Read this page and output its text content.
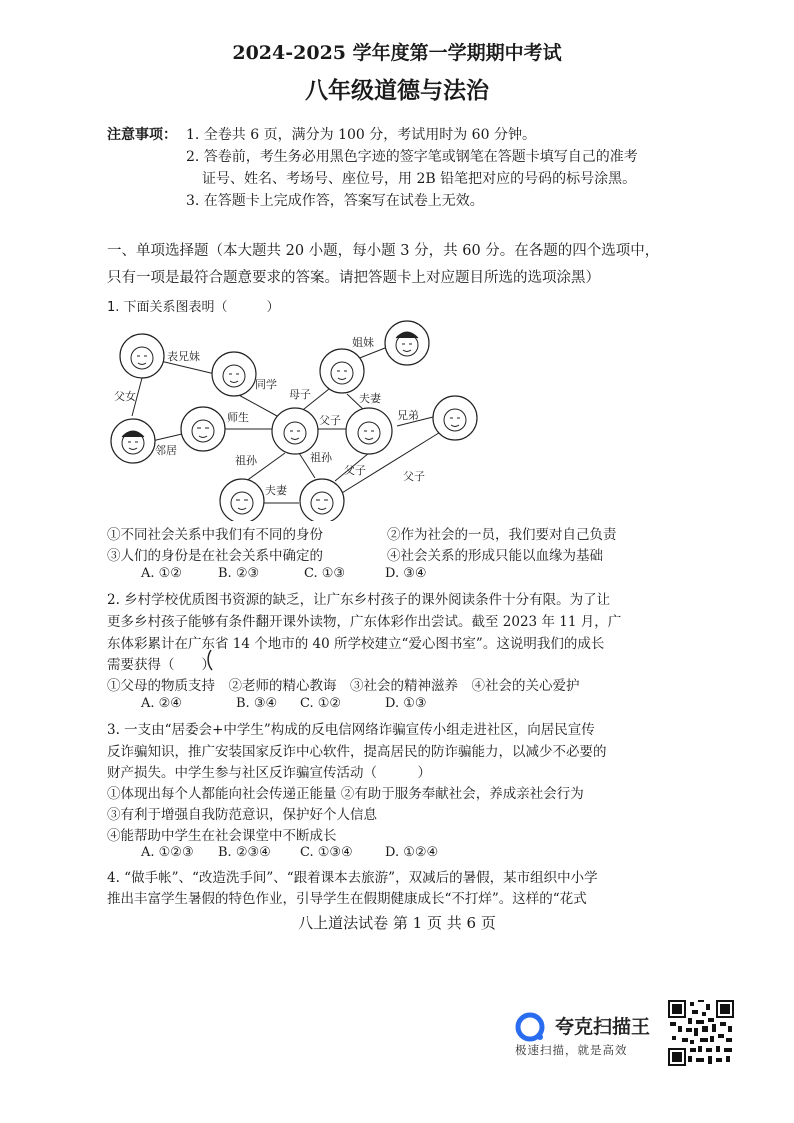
2024-2025 学年度第一学期期中考试
八年级道德与法治
注意事项： 1. 全卷共 6 页，满分为 100 分，考试用时为 60 分钟。
2. 答卷前，考生务必用黑色字迹的签字笔或钢笔在答题卡填写自己的准考
证号、姓名、考场号、座位号，用 2B 铅笔把对应的号码的标号涂黑。
3. 在答题卡上完成作答，答案写在试卷上无效。
一、单项选择题（本大题共 20 小题，每小题 3 分，共 60 分。在各题的四个选项中，
只有一项是最符合题意要求的答案。请把答题卡上对应题目所选的选项涂黑）
1. 下面关系图表明（　　　）
表兄妹
同学
父女
师生
邻居
母子
姐妹
夫妻
父子	兄弟
祖孙	祖孙
父子	父子
夫妻
①不同社会关系中我们有不同的身份	②作为社会的一员，我们要对自己负责
③人们的身份是在社会关系中确定的	④社会关系的形成只能以血缘为基础
A. ①②	B. ②③	C. ①③	D. ③④
2. 乡村学校优质图书资源的缺乏，让广东乡村孩子的课外阅读条件十分有限。为了让
更多乡村孩子能够有条件翻开课外读物，广东体彩作出尝试。截至 2023 年 11 月，广
东体彩累计在广东省 14 个地市的 40 所学校建立“爱心图书室”。这说明我们的成长
需要获得（　　）
①父母的物质支持　②老师的精心教诲　③社会的精神滋养　④社会的关心爱护
A. ②④	B. ③④ C. ①②	D. ①③
3. 一支由“居委会+中学生”构成的反电信网络诈骗宣传小组走进社区，向居民宣传
反诈骗知识，推广安装国家反诈中心软件，提高居民的防诈骗能力，以减少不必要的
财产损失。中学生参与社区反诈骗宣传活动（　　　）
①体现出每个人都能向社会传递正能量 ②有助于服务奉献社会，养成亲社会行为
③有利于增强自我防范意识，保护好个人信息
④能帮助中学生在社会课堂中不断成长
A. ①②③ B. ②③④ C. ①③④ D. ①②④
4. “做手帐”、“改造洗手间”、“跟着课本去旅游”，双减后的暑假，某市组织中小学
推出丰富学生暑假的特色作业，引导学生在假期健康成长“不打烊”。这样的“花式
八上道法试卷 第 1 页 共 6 页
夸克扫描王
极速扫描，就是高效
